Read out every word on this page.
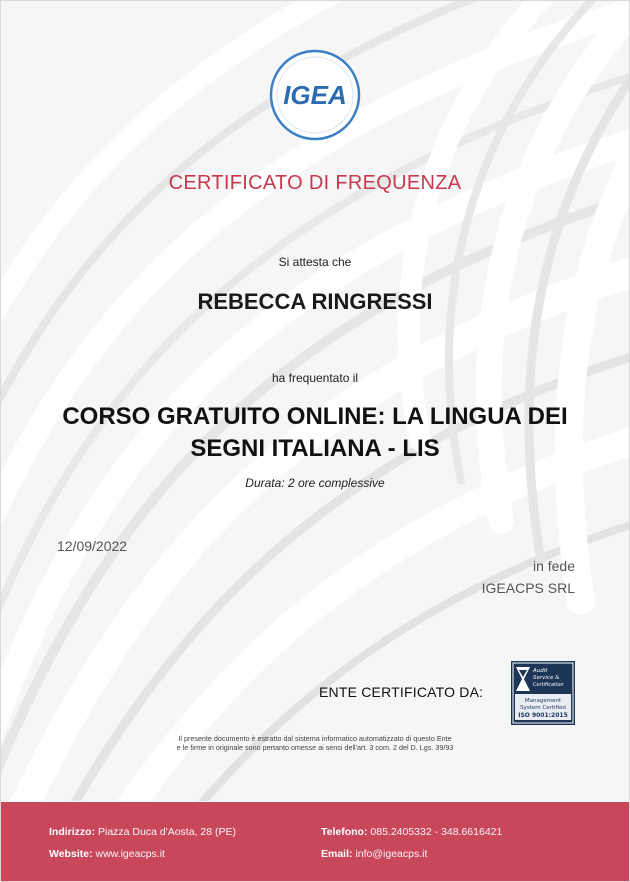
IGEA
CERTIFICATO DI FREQUENZA
Si attesta che
REBECCA RINGRESSI
ha frequentato il
CORSO GRATUITO ONLINE: LA LINGUA DEI
SEGNI ITALIANA - LIS
Durata: 2 ore complessive
12/09/2022
in fede
IGEACPS SRL
ENTE CERTIFICATO DA:
Audit
Service &
Certification
Management
System Certified
ISO 9001:2015
Il presente documento è estratto dal sistema informatico automatizzato di questo Ente
e le firme in originale sono pertanto omesse ai sensi dell'art. 3 com. 2 del D. Lgs. 39/93
Indirizzo: Piazza Duca d'Aosta, 28 (PE)
Website: www.igeacps.it
Telefono: 085.2405332 - 348.6616421
Email: info@igeacps.it
